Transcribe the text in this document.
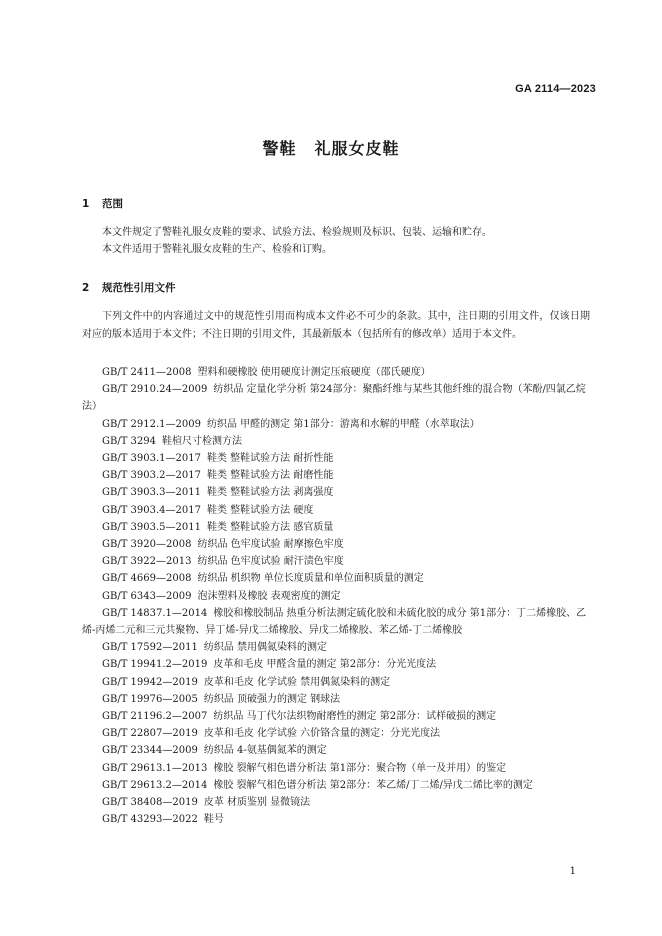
GA 2114—2023
警鞋 礼服女皮鞋
1 范围
本文件规定了警鞋礼服女皮鞋的要求、试验方法、检验规则及标识、包装、运输和贮存。
本文件适用于警鞋礼服女皮鞋的生产、检验和订购。
2 规范性引用文件
下列文件中的内容通过文中的规范性引用而构成本文件必不可少的条款。其中，注日期的引用文件，仅该日期对应的版本适用于本文件；不注日期的引用文件，其最新版本（包括所有的修改单）适用于本文件。
GB/T 2411—2008 塑料和硬橡胶 使用硬度计测定压痕硬度（邵氏硬度）
GB/T 2910.24—2009 纺织品 定量化学分析 第24部分：聚酯纤维与某些其他纤维的混合物（苯酚/四氯乙烷法）
GB/T 2912.1—2009 纺织品 甲醛的测定 第1部分：游离和水解的甲醛（水萃取法）
GB/T 3294 鞋楦尺寸检测方法
GB/T 3903.1—2017 鞋类 整鞋试验方法 耐折性能
GB/T 3903.2—2017 鞋类 整鞋试验方法 耐磨性能
GB/T 3903.3—2011 鞋类 整鞋试验方法 剥离强度
GB/T 3903.4—2017 鞋类 整鞋试验方法 硬度
GB/T 3903.5—2011 鞋类 整鞋试验方法 感官质量
GB/T 3920—2008 纺织品 色牢度试验 耐摩擦色牢度
GB/T 3922—2013 纺织品 色牢度试验 耐汗渍色牢度
GB/T 4669—2008 纺织品 机织物 单位长度质量和单位面积质量的测定
GB/T 6343—2009 泡沫塑料及橡胶 表观密度的测定
GB/T 14837.1—2014 橡胶和橡胶制品 热重分析法测定硫化胶和未硫化胶的成分 第1部分：丁二烯橡胶、乙烯-丙烯二元和三元共聚物、异丁烯-异戊二烯橡胶、异戊二烯橡胶、苯乙烯-丁二烯橡胶
GB/T 17592—2011 纺织品 禁用偶氮染料的测定
GB/T 19941.2—2019 皮革和毛皮 甲醛含量的测定 第2部分：分光光度法
GB/T 19942—2019 皮革和毛皮 化学试验 禁用偶氮染料的测定
GB/T 19976—2005 纺织品 顶破强力的测定 钢球法
GB/T 21196.2—2007 纺织品 马丁代尔法织物耐磨性的测定 第2部分：试样破损的测定
GB/T 22807—2019 皮革和毛皮 化学试验 六价铬含量的测定：分光光度法
GB/T 23344—2009 纺织品 4-氨基偶氮苯的测定
GB/T 29613.1—2013 橡胶 裂解气相色谱分析法 第1部分：聚合物（单一及并用）的鉴定
GB/T 29613.2—2014 橡胶 裂解气相色谱分析法 第2部分：苯乙烯/丁二烯/异戊二烯比率的测定
GB/T 38408—2019 皮革 材质鉴别 显微镜法
GB/T 43293—2022 鞋号
1
